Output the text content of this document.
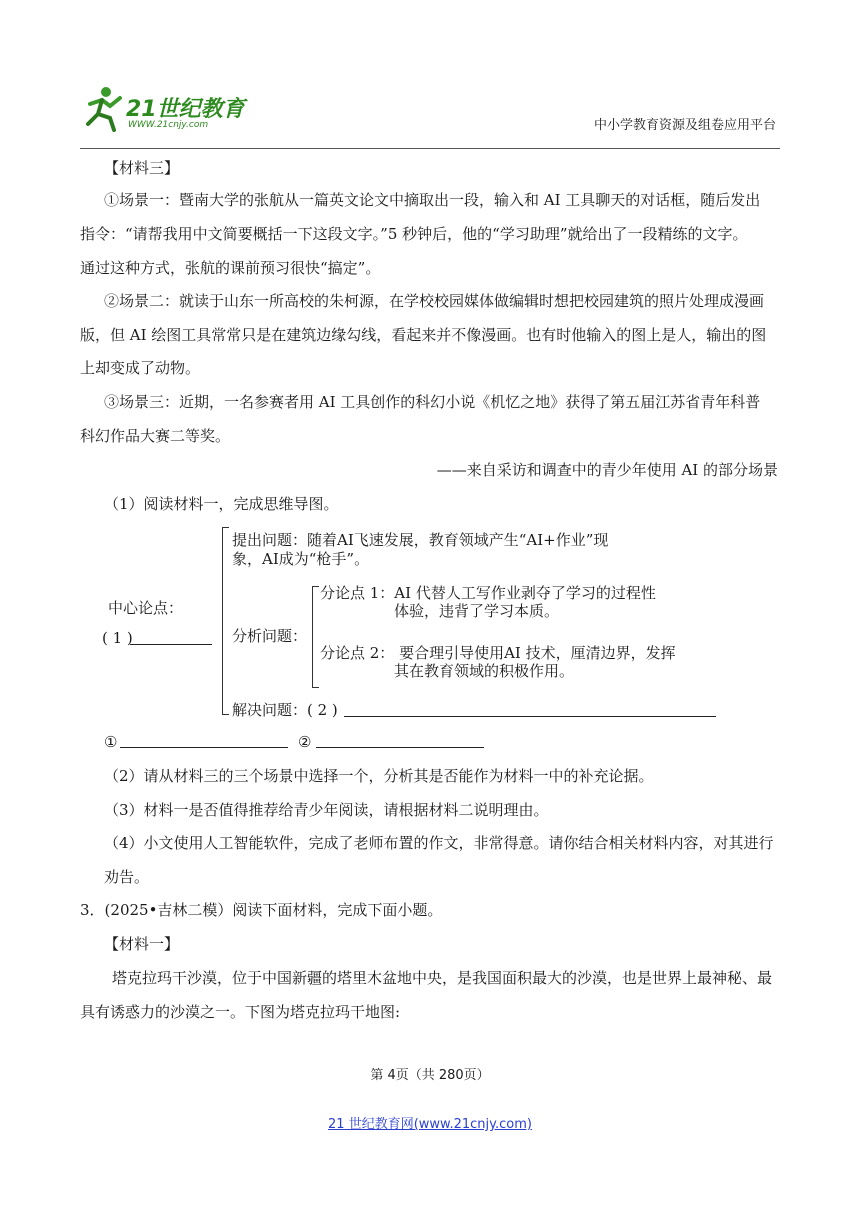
21世纪教育
WWW.21cnjy.com	中小学教育资源及组卷应用平台
【材料三】
①场景一：暨南大学的张航从一篇英文论文中摘取出一段，输入和 AI 工具聊天的对话框，随后发出
指令：“请帮我用中文简要概括一下这段文字。”5 秒钟后，他的“学习助理”就给出了一段精练的文字。
通过这种方式，张航的课前预习很快“搞定”。
②场景二：就读于山东一所高校的朱柯源，在学校校园媒体做编辑时想把校园建筑的照片处理成漫画
版，但 AI 绘图工具常常只是在建筑边缘勾线，看起来并不像漫画。也有时他输入的图上是人，输出的图
上却变成了动物。
③场景三：近期，一名参赛者用 AI 工具创作的科幻小说《机忆之地》获得了第五届江苏省青年科普
科幻作品大赛二等奖。
——来自采访和调查中的青少年使用 AI 的部分场景
（1）阅读材料一，完成思维导图。
提出问题：随着AI飞速发展，教育领域产生“AI+作业”现
象，AI成为“枪手”。
中心论点：
( 1 )	分析问题：
分论点 1：AI 代替人工写作业剥夺了学习的过程性
体验，违背了学习本质。
分论点 2： 要合理引导使用AI 技术，厘清边界，发挥
其在教育领域的积极作用。
解决问题：( 2 )
①	②
（2）请从材料三的三个场景中选择一个，分析其是否能作为材料一中的补充论据。
（3）材料一是否值得推荐给青少年阅读，请根据材料二说明理由。
（4）小文使用人工智能软件，完成了老师布置的作文，非常得意。请你结合相关材料内容，对其进行
劝告。
3．(2025•吉林二模）阅读下面材料，完成下面小题。
【材料一】
塔克拉玛干沙漠，位于中国新疆的塔里木盆地中央，是我国面积最大的沙漠，也是世界上最神秘、最
具有诱惑力的沙漠之一。下图为塔克拉玛干地图:
第 4页（共 280页）
21 世纪教育网(www.21cnjy.com)
